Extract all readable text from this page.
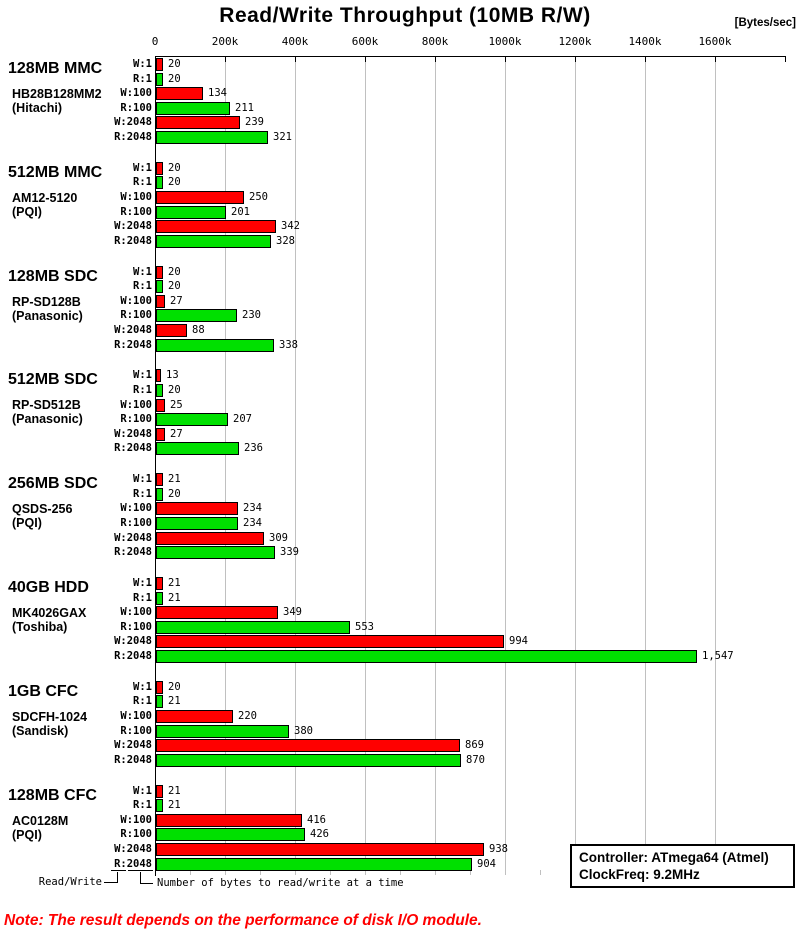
Read/Write Throughput (10MB R/W)	[Bytes/sec]
Read/Write	Number of bytes to read/write at a time
Controller: ATmega64 (Atmel)
ClockFreq: 9.2MHz
Note: The result depends on the performance of disk I/O module.
0	200k	400k	600k	800k	1000k	1200k	1400k	1600k
128MB MMC
HB28B128MM2
(Hitachi)
W:1 20
R:1 20
W:100	134
R:100	211
W:2048	239
R:2048	321
512MB MMC
AM12-5120
(PQI)
W:1 20
R:1 20
W:100	250
R:100	201
W:2048	342
R:2048	328
128MB SDC
RP-SD128B
(Panasonic)
W:1 20
R:1 20
W:100 27
R:100	230
W:2048	88
R:2048	338
512MB SDC
RP-SD512B
(Panasonic)
W:1 13
R:1 20
W:100 25
R:100	207
W:2048 27
R:2048	236
256MB SDC
QSDS-256
(PQI)
W:1 21
R:1 20
W:100	234
R:100	234
W:2048	309
R:2048	339
40GB HDD
MK4026GAX
(Toshiba)
W:1 21
R:1 21
W:100	349
R:100	553
W:2048	994
R:2048	1,547
1GB CFC
SDCFH-1024
(Sandisk)
W:1 20
R:1 21
W:100	220
R:100	380
W:2048	869
R:2048	870
128MB CFC
AC0128M
(PQI)
W:1 21
R:1 21
W:100	416
R:100	426
W:2048	938
R:2048	904
